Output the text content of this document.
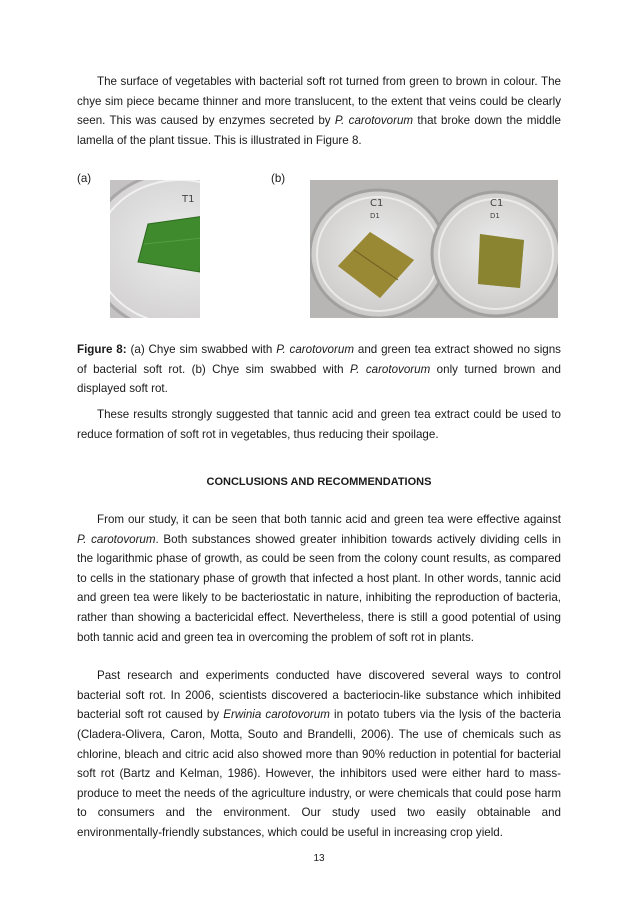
The surface of vegetables with bacterial soft rot turned from green to brown in colour. The chye sim piece became thinner and more translucent, to the extent that veins could be clearly seen. This was caused by enzymes secreted by P. carotovorum that broke down the middle lamella of the plant tissue. This is illustrated in Figure 8.

(a)	(b)
T1	C1
D1
C1
D1

Figure 8: (a) Chye sim swabbed with P. carotovorum and green tea extract showed no signs of bacterial soft rot. (b) Chye sim swabbed with P. carotovorum only turned brown and displayed soft rot.

These results strongly suggested that tannic acid and green tea extract could be used to reduce formation of soft rot in vegetables, thus reducing their spoilage.

CONCLUSIONS AND RECOMMENDATIONS

From our study, it can be seen that both tannic acid and green tea were effective against P. carotovorum. Both substances showed greater inhibition towards actively dividing cells in the logarithmic phase of growth, as could be seen from the colony count results, as compared to cells in the stationary phase of growth that infected a host plant. In other words, tannic acid and green tea were likely to be bacteriostatic in nature, inhibiting the reproduction of bacteria, rather than showing a bactericidal effect. Nevertheless, there is still a good potential of using both tannic acid and green tea in overcoming the problem of soft rot in plants.

Past research and experiments conducted have discovered several ways to control bacterial soft rot. In 2006, scientists discovered a bacteriocin-like substance which inhibited bacterial soft rot caused by Erwinia carotovorum in potato tubers via the lysis of the bacteria (Cladera-Olivera, Caron, Motta, Souto and Brandelli, 2006). The use of chemicals such as chlorine, bleach and citric acid also showed more than 90% reduction in potential for bacterial soft rot (Bartz and Kelman, 1986). However, the inhibitors used were either hard to mass-produce to meet the needs of the agriculture industry, or were chemicals that could pose harm to consumers and the environment. Our study used two easily obtainable and environmentally-friendly substances, which could be useful in increasing crop yield.

13
